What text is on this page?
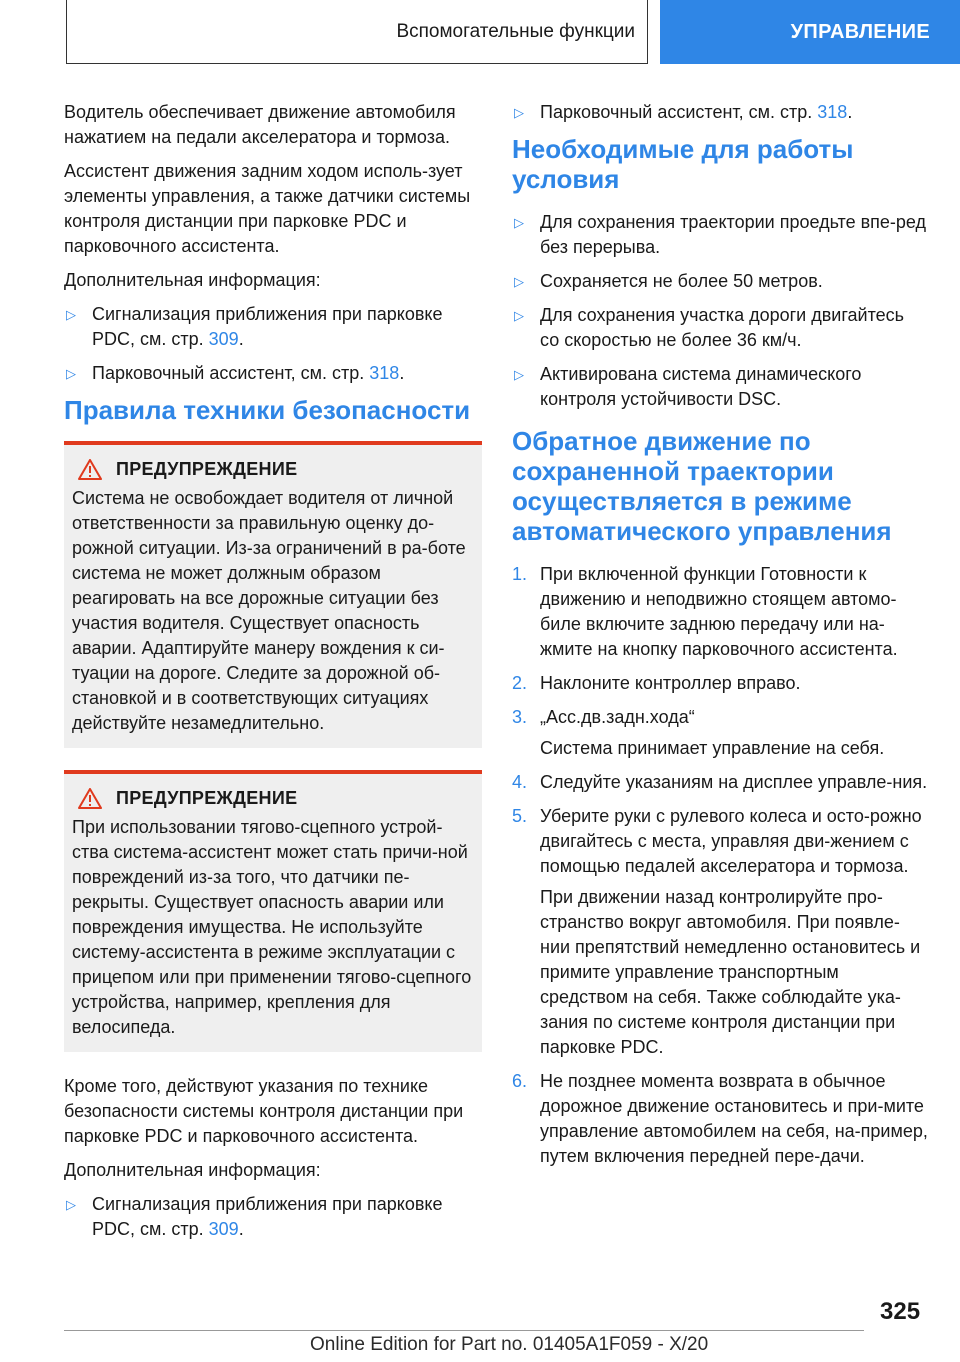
Вспомогательные функции	УПРАВЛЕНИЕ

Водитель обеспечивает движение автомобиля нажатием на педали акселератора и тормоза.

Ассистент движения задним ходом исполь-зует элементы управления, а также датчики системы контроля дистанции при парковке PDC и парковочного ассистента.

Дополнительная информация:

▷ Сигнализация приближения при парковке PDC, см. стр. 309.
▷ Парковочный ассистент, см. стр. 318.
Правила техники безопасности
ПРЕДУПРЕЖДЕНИЕ

Система не освобождает водителя от личной ответственности за правильную оценку до-рожной ситуации. Из-за ограничений в ра-боте система не может должным образом реагировать на все дорожные ситуации без участия водителя. Существует опасность аварии. Адаптируйте манеру вождения к си-туации на дороге. Следите за дорожной об-становкой и в соответствующих ситуациях действуйте незамедлительно.

ПРЕДУПРЕЖДЕНИЕ

При использовании тягово-сцепного устрой-ства система-ассистент может стать причи-ной повреждений из-за того, что датчики пе-рекрыты. Существует опасность аварии или повреждения имущества. Не используйте систему-ассистента в режиме эксплуатации с прицепом или при применении тягово-сцепного устройства, например, крепления для велосипеда.

Кроме того, действуют указания по технике безопасности системы контроля дистанции при парковке PDC и парковочного ассистента.

Дополнительная информация:

▷ Сигнализация приближения при парковке PDC, см. стр. 309.
▷ Парковочный ассистент, см. стр. 318.
Необходимые для работы условия
▷ Для сохранения траектории проедьте впе-ред без перерыва.
▷ Сохраняется не более 50 метров.
▷ Для сохранения участка дороги двигайтесь со скоростью не более 36 км/ч.
▷ Активирована система динамического контроля устойчивости DSC.
Обратное движение по сохраненной траектории осуществляется в режиме автоматического управления
1. При включенной функции Готовности к движению и неподвижно стоящем автомо-биле включите заднюю передачу или на-жмите на кнопку парковочного ассистента.
2. Наклоните контроллер вправо.
3. „Асс.дв.задн.хода“
Система принимает управление на себя.
4. Следуйте указаниям на дисплее управле-ния.
5. Уберите руки с рулевого колеса и осто-рожно двигайтесь с места, управляя дви-жением с помощью педалей акселератора и тормоза.
При движении назад контролируйте про-странство вокруг автомобиля. При появле-нии препятствий немедленно остановитесь и примите управление транспортным средством на себя. Также соблюдайте ука-зания по системе контроля дистанции при парковке PDC.
6. Не позднее момента возврата в обычное дорожное движение остановитесь и при-мите управление автомобилем на себя, на-пример, путем включения передней пере-дачи.
325
Online Edition for Part no. 01405A1F059 - X/20
